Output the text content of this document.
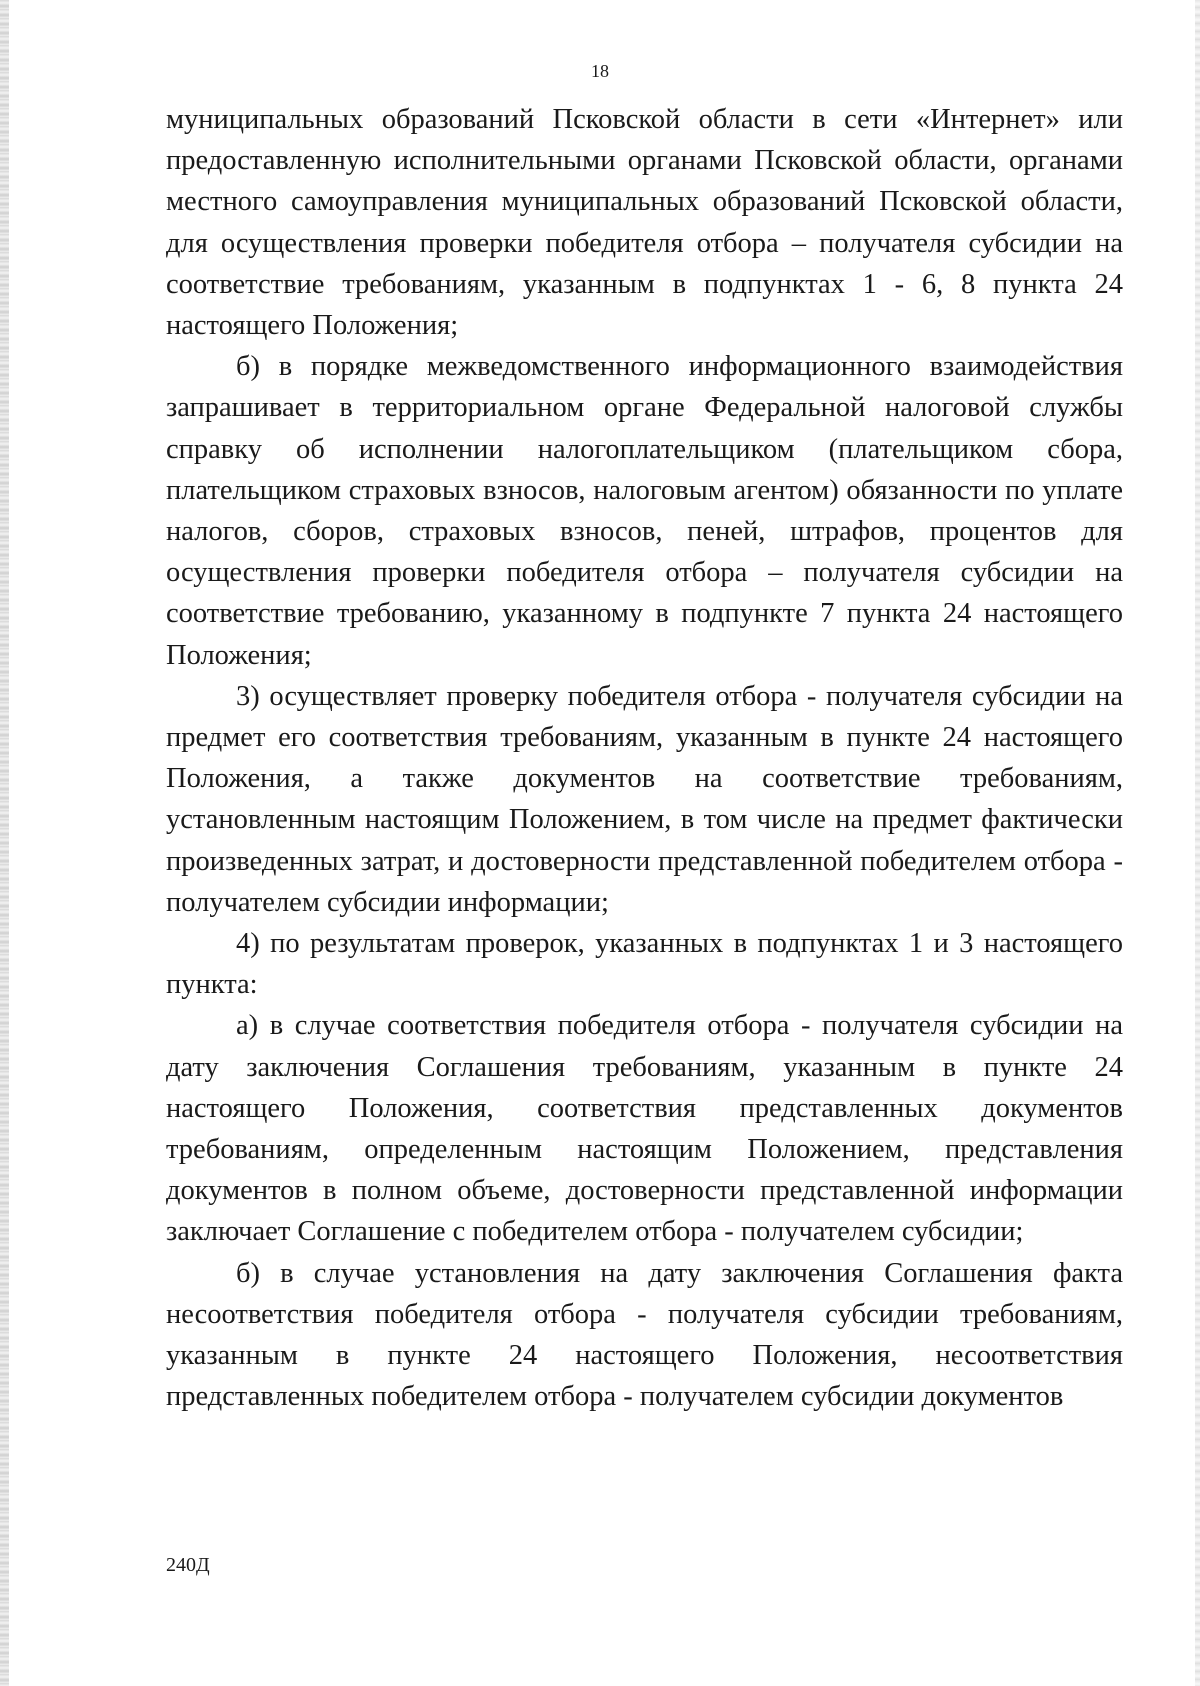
18

муниципальных образований Псковской области в сети «Интернет» или предоставленную исполнительными органами Псковской области, органами местного самоуправления муниципальных образований Псковской области, для осуществления проверки победителя отбора – получателя субсидии на соответствие требованиям, указанным в подпунктах 1 - 6, 8 пункта 24 настоящего Положения;

б) в порядке межведомственного информационного взаимодействия запрашивает в территориальном органе Федеральной налоговой службы справку об исполнении налогоплательщиком (плательщиком сбора, плательщиком страховых взносов, налоговым агентом) обязанности по уплате налогов, сборов, страховых взносов, пеней, штрафов, процентов для осуществления проверки победителя отбора – получателя субсидии на соответствие требованию, указанному в подпункте 7 пункта 24 настоящего Положения;

3) осуществляет проверку победителя отбора - получателя субсидии на предмет его соответствия требованиям, указанным в пункте 24 настоящего Положения, а также документов на соответствие требованиям, установленным настоящим Положением, в том числе на предмет фактически произведенных затрат, и достоверности представленной победителем отбора - получателем субсидии информации;

4) по результатам проверок, указанных в подпунктах 1 и 3 настоящего пункта:

а) в случае соответствия победителя отбора - получателя субсидии на дату заключения Соглашения требованиям, указанным в пункте 24 настоящего Положения, соответствия представленных документов требованиям, определенным настоящим Положением, представления документов в полном объеме, достоверности представленной информации заключает Соглашение с победителем отбора - получателем субсидии;

б) в случае установления на дату заключения Соглашения факта несоответствия победителя отбора - получателя субсидии требованиям, указанным в пункте 24 настоящего Положения, несоответствия представленных победителем отбора - получателем субсидии документов

240Д
